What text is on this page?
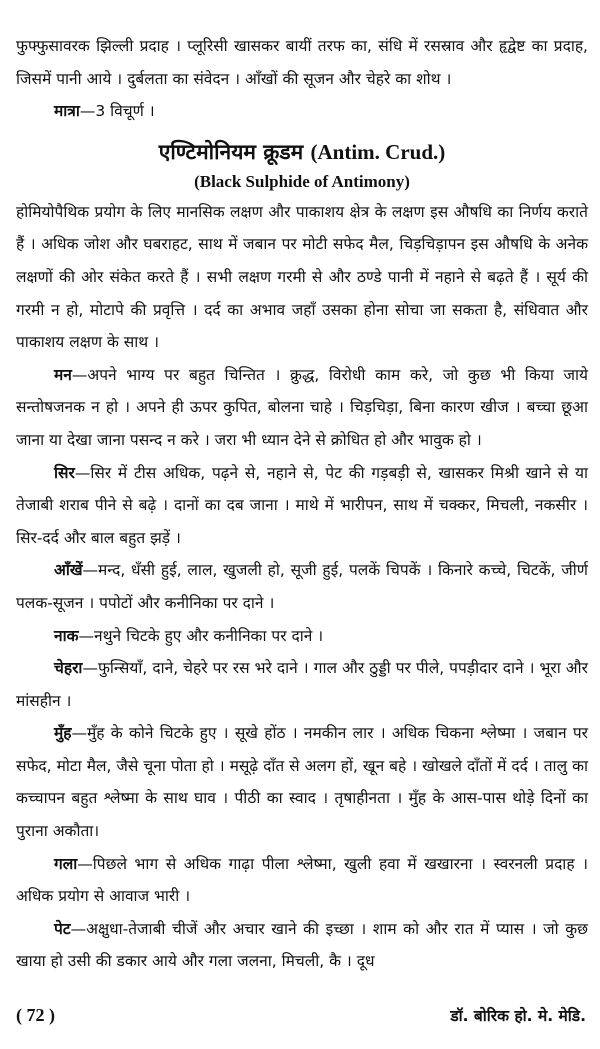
फुफ्फुसावरक झिल्ली प्रदाह । प्लूरिसी खासकर बायीं तरफ का, संधि में रसस्राव और हृद्वेष्ट का प्रदाह, जिसमें पानी आये । दुर्बलता का संवेदन । आँखों की सूजन और चेहरे का शोथ ।

मात्रा—3 विचूर्ण ।

एण्टिमोनियम क्रूडम (Antim. Crud.)
(Black Sulphide of Antimony)

होमियोपैथिक प्रयोग के लिए मानसिक लक्षण और पाकाशय क्षेत्र के लक्षण इस औषधि का निर्णय कराते हैं । अधिक जोश और घबराहट, साथ में जबान पर मोटी सफेद मैल, चिड़चिड़ापन इस औषधि के अनेक लक्षणों की ओर संकेत करते हैं । सभी लक्षण गरमी से और ठण्डे पानी में नहाने से बढ़ते हैं । सूर्य की गरमी न हो, मोटापे की प्रवृत्ति । दर्द का अभाव जहाँ उसका होना सोचा जा सकता है, संधिवात और पाकाशय लक्षण के साथ ।

मन—अपने भाग्य पर बहुत चिन्तित । क्रुद्ध, विरोधी काम करे, जो कुछ भी किया जाये सन्तोषजनक न हो । अपने ही ऊपर कुपित, बोलना चाहे । चिड़चिड़ा, बिना कारण खीज । बच्चा छूआ जाना या देखा जाना पसन्द न करे । जरा भी ध्यान देने से क्रोधित हो और भावुक हो ।

सिर—सिर में टीस अधिक, पढ़ने से, नहाने से, पेट की गड़बड़ी से, खासकर मिश्री खाने से या तेजाबी शराब पीने से बढ़े । दानों का दब जाना । माथे में भारीपन, साथ में चक्कर, मिचली, नकसीर । सिर-दर्द और बाल बहुत झड़ें ।

आँखें—मन्द, धँसी हुई, लाल, खुजली हो, सूजी हुई, पलकें चिपकें । किनारे कच्चे, चिटकें, जीर्ण पलक-सूजन । पपोटों और कनीनिका पर दाने ।

नाक—नथुने चिटके हुए और कनीनिका पर दाने ।

चेहरा—फुन्सियाँ, दाने, चेहरे पर रस भरे दाने । गाल और ठुड्डी पर पीले, पपड़ीदार दाने । भूरा और मांसहीन ।

मुँह—मुँह के कोने चिटके हुए । सूखे होंठ । नमकीन लार । अधिक चिकना श्लेष्मा । जबान पर सफेद, मोटा मैल, जैसे चूना पोता हो । मसूढ़े दाँत से अलग हों, खून बहे । खोखले दाँतों में दर्द । तालु का कच्चापन बहुत श्लेष्मा के साथ घाव । पीठी का स्वाद । तृषाहीनता । मुँह के आस-पास थोड़े दिनों का पुराना अकौता।

गला—पिछले भाग से अधिक गाढ़ा पीला श्लेष्मा, खुली हवा में खखारना । स्वरनली प्रदाह । अधिक प्रयोग से आवाज भारी ।

पेट—अक्षुधा-तेजाबी चीजें और अचार खाने की इच्छा । शाम को और रात में प्यास । जो कुछ खाया हो उसी की डकार आये और गला जलना, मिचली, कै । दूध

( 72 )	डॉ. बोरिक हो. मे. मेडि.
